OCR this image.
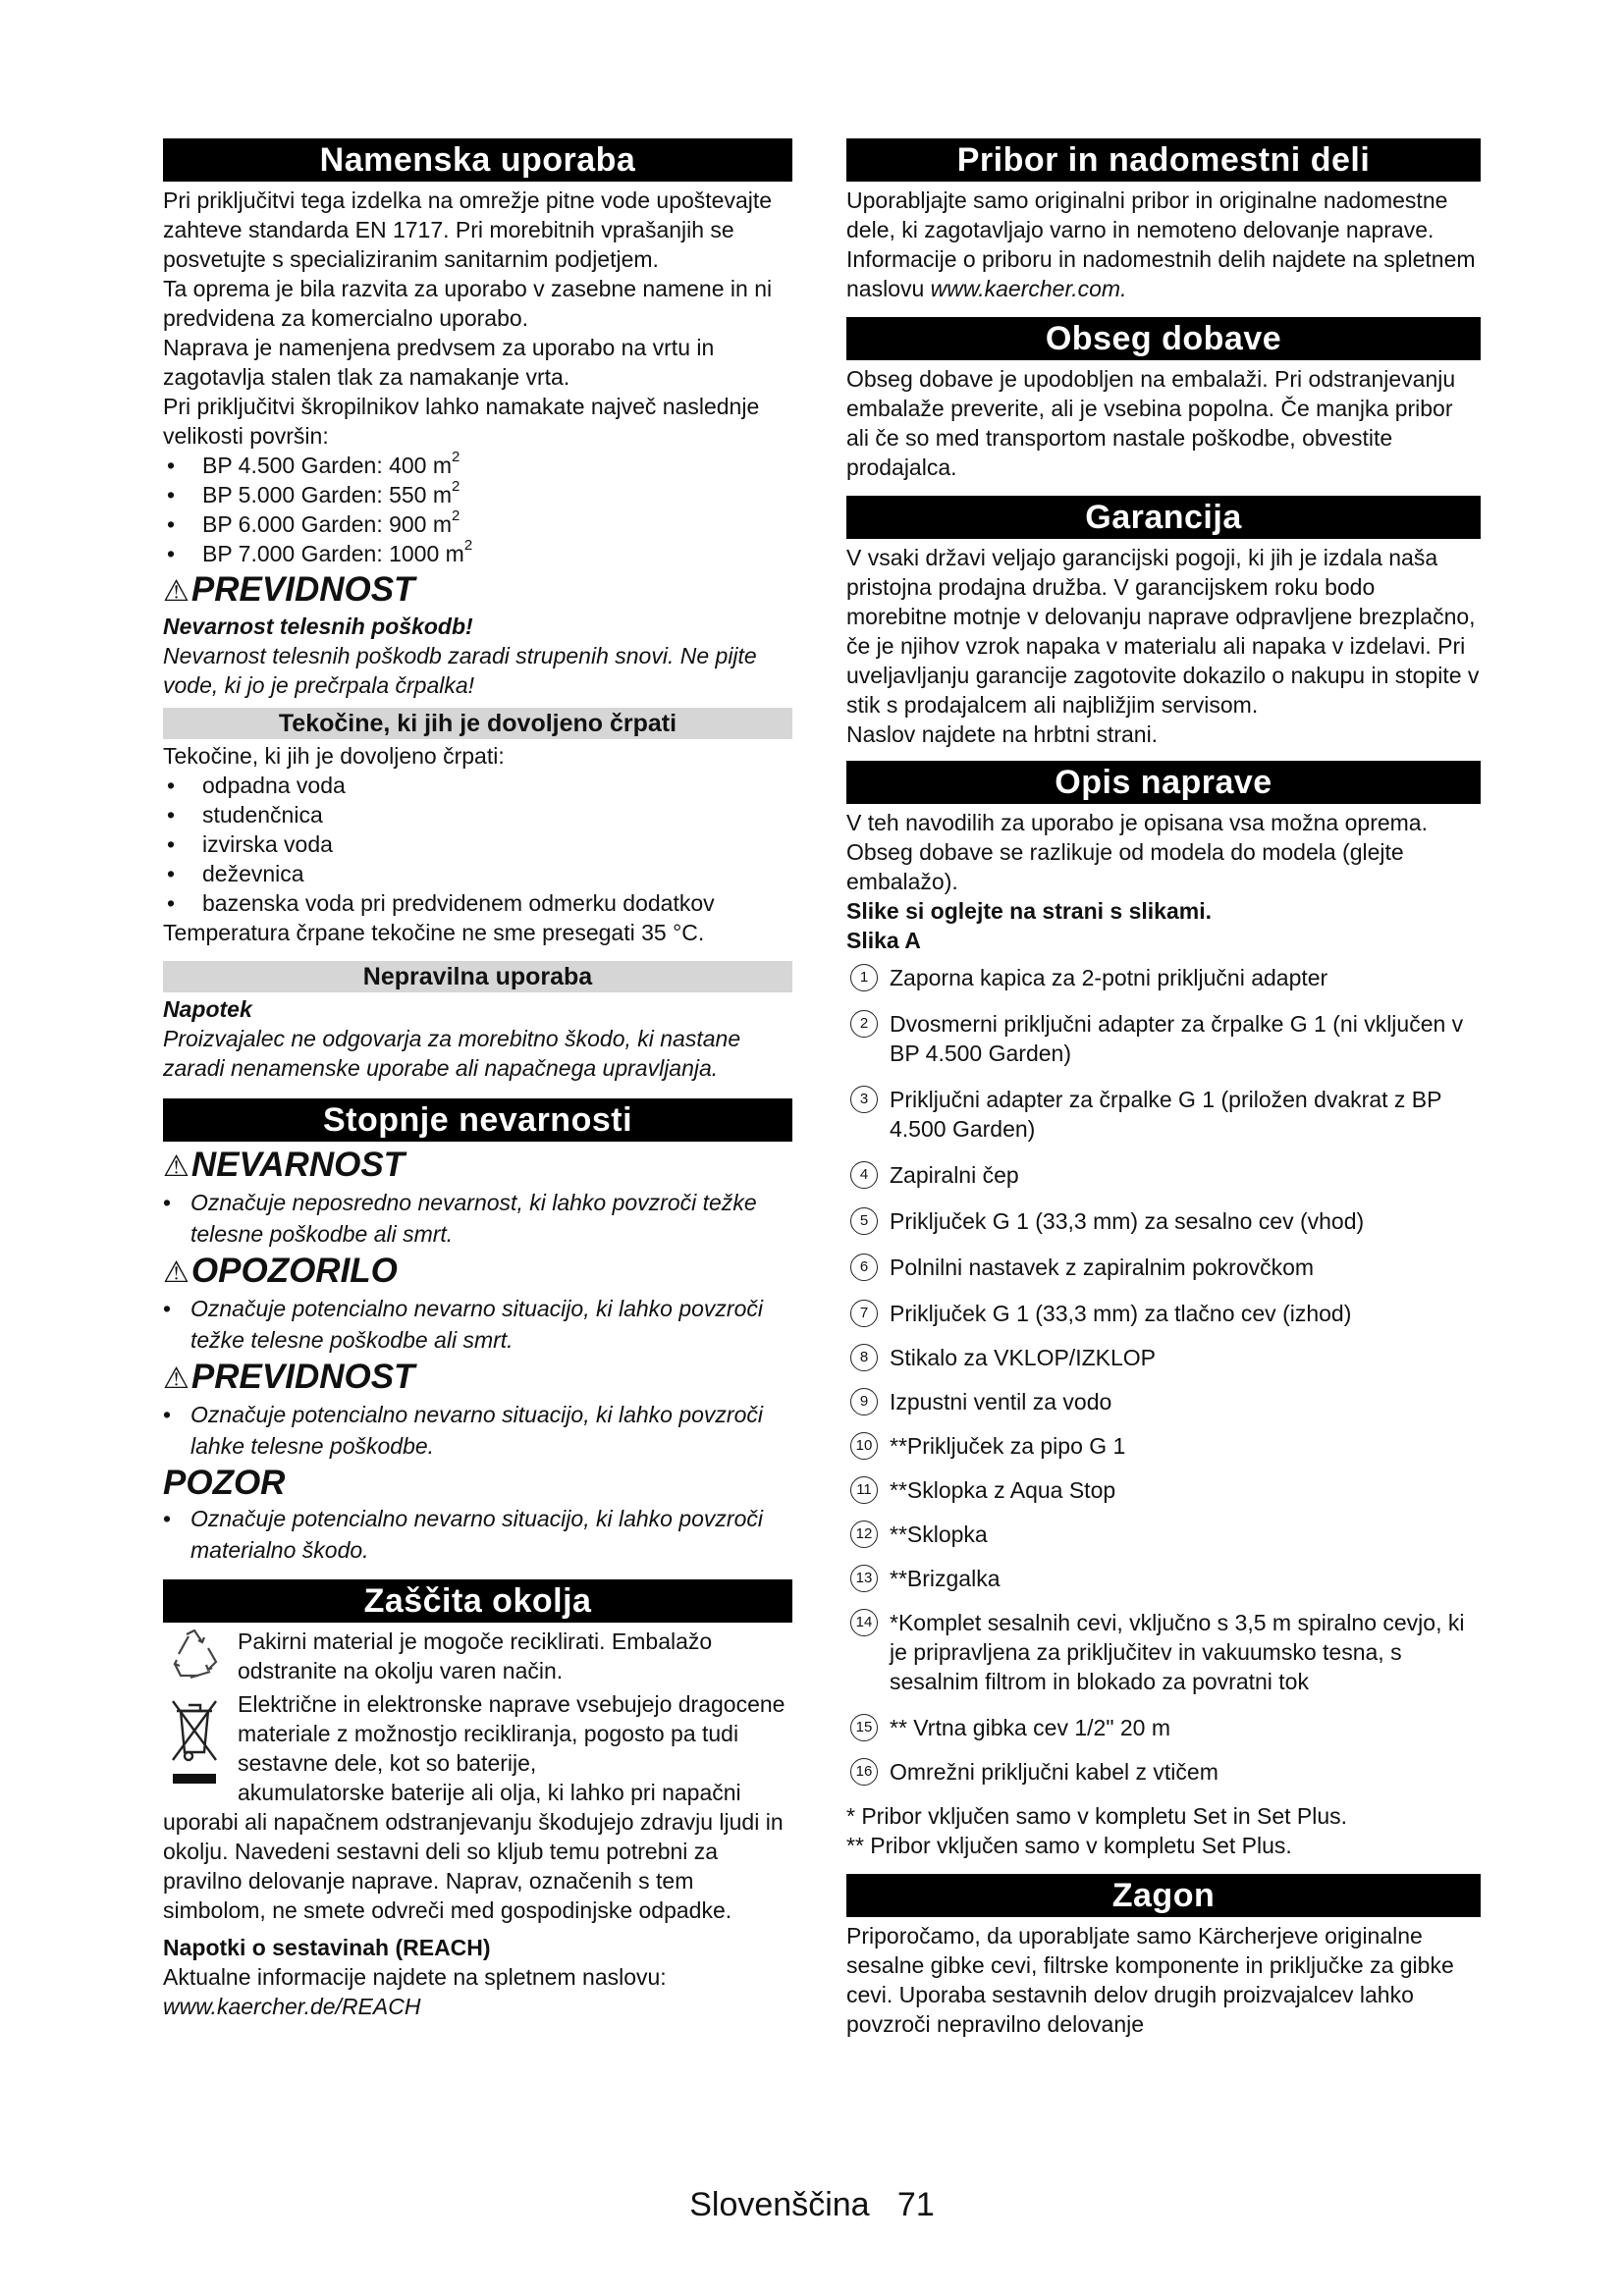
Namenska uporaba

Pri priključitvi tega izdelka na omrežje pitne vode upoštevajte zahteve standarda EN 1717. Pri morebitnih vprašanjih se posvetujte s specializiranim sanitarnim podjetjem.

Ta oprema je bila razvita za uporabo v zasebne namene in ni predvidena za komercialno uporabo.

Naprava je namenjena predvsem za uporabo na vrtu in zagotavlja stalen tlak za namakanje vrta.

Pri priključitvi škropilnikov lahko namakate največ naslednje velikosti površin:

• BP 4.500 Garden: 400 $m^2$
• BP 5.000 Garden: 550 $m^2$
• BP 6.000 Garden: 900 $m^2$
• BP 7.000 Garden: 1000 $m^2$
⚠PREVIDNOST

Nevarnost telesnih poškodb!

Nevarnost telesnih poškodb zaradi strupenih snovi. Ne pijte vode, ki jo je prečrpala črpalka!

Tekočine, ki jih je dovoljeno črpati

Tekočine, ki jih je dovoljeno črpati:

• odpadna voda
• studenčnica
• izvirska voda
• deževnica
• bazenska voda pri predvidenem odmerku dodatkov

Temperatura črpane tekočine ne sme presegati 35 °C.

Nepravilna uporaba

Napotek

Proizvajalec ne odgovarja za morebitno škodo, ki nastane zaradi nenamenske uporabe ali napačnega upravljanja.

Stopnje nevarnosti
⚠NEVARNOST

• Označuje neposredno nevarnost, ki lahko povzroči težke telesne poškodbe ali smrt.

⚠OPOZORILO

• Označuje potencialno nevarno situacijo, ki lahko povzroči težke telesne poškodbe ali smrt.

⚠PREVIDNOST

• Označuje potencialno nevarno situacijo, ki lahko povzroči lahke telesne poškodbe.

POZOR

• Označuje potencialno nevarno situacijo, ki lahko povzroči materialno škodo.

Zaščita okolja

Pakirni material je mogoče reciklirati. Embalažo odstranite na okolju varen način.

Električne in elektronske naprave vsebujejo dragocene materiale z možnostjo recikliranja, pogosto pa tudi sestavne dele, kot so baterije,

akumulatorske baterije ali olja, ki lahko pri napačni uporabi ali napačnem odstranjevanju škodujejo zdravju ljudi in okolju. Navedeni sestavni deli so kljub temu potrebni za pravilno delovanje naprave. Naprav, označenih s tem simbolom, ne smete odvreči med gospodinjske odpadke.

Napotki o sestavinah (REACH)

Aktualne informacije najdete na spletnem naslovu:

www.kaercher.de/REACH

Pribor in nadomestni deli

Uporabljajte samo originalni pribor in originalne nadomestne dele, ki zagotavljajo varno in nemoteno delovanje naprave.

Informacije o priboru in nadomestnih delih najdete na spletnem naslovu www.kaercher.com.

Obseg dobave

Obseg dobave je upodobljen na embalaži. Pri odstranjevanju embalaže preverite, ali je vsebina popolna. Če manjka pribor ali če so med transportom nastale poškodbe, obvestite prodajalca.

Garancija

V vsaki državi veljajo garancijski pogoji, ki jih je izdala naša pristojna prodajna družba. V garancijskem roku bodo morebitne motnje v delovanju naprave odpravljene brezplačno, če je njihov vzrok napaka v materialu ali napaka v izdelavi. Pri uveljavljanju garancije zagotovite dokazilo o nakupu in stopite v stik s prodajalcem ali najbližjim servisom.

Naslov najdete na hrbtni strani.

Opis naprave

V teh navodilih za uporabo je opisana vsa možna oprema. Obseg dobave se razlikuje od modela do modela (glejte embalažo).

Slike si oglejte na strani s slikami.

Slika A

1 Zaporna kapica za 2-potni priključni adapter
2 Dvosmerni priključni adapter za črpalke G 1 (ni vključen v BP 4.500 Garden)
3 Priključni adapter za črpalke G 1 (priložen dvakrat z BP 4.500 Garden)
4 Zapiralni čep
5 Priključek G 1 (33,3 mm) za sesalno cev (vhod)
6 Polnilni nastavek z zapiralnim pokrovčkom
7 Priključek G 1 (33,3 mm) za tlačno cev (izhod)
8 Stikalo za VKLOP/IZKLOP
9 Izpustni ventil za vodo
10 **Priključek za pipo G 1
11 **Sklopka z Aqua Stop
12 **Sklopka
13 **Brizgalka
14 *Komplet sesalnih cevi, vključno s 3,5 m spiralno cevjo, ki je pripravljena za priključitev in vakuumsko tesna, s sesalnim filtrom in blokado za povratni tok
15 ** Vrtna gibka cev 1/2" 20 m
16 Omrežni priključni kabel z vtičem

* Pribor vključen samo v kompletu Set in Set Plus.

** Pribor vključen samo v kompletu Set Plus.

Zagon

Priporočamo, da uporabljate samo Kärcherjeve originalne sesalne gibke cevi, filtrske komponente in priključke za gibke cevi. Uporaba sestavnih delov drugih proizvajalcev lahko povzroči nepravilno delovanje

Slovenščina 71
